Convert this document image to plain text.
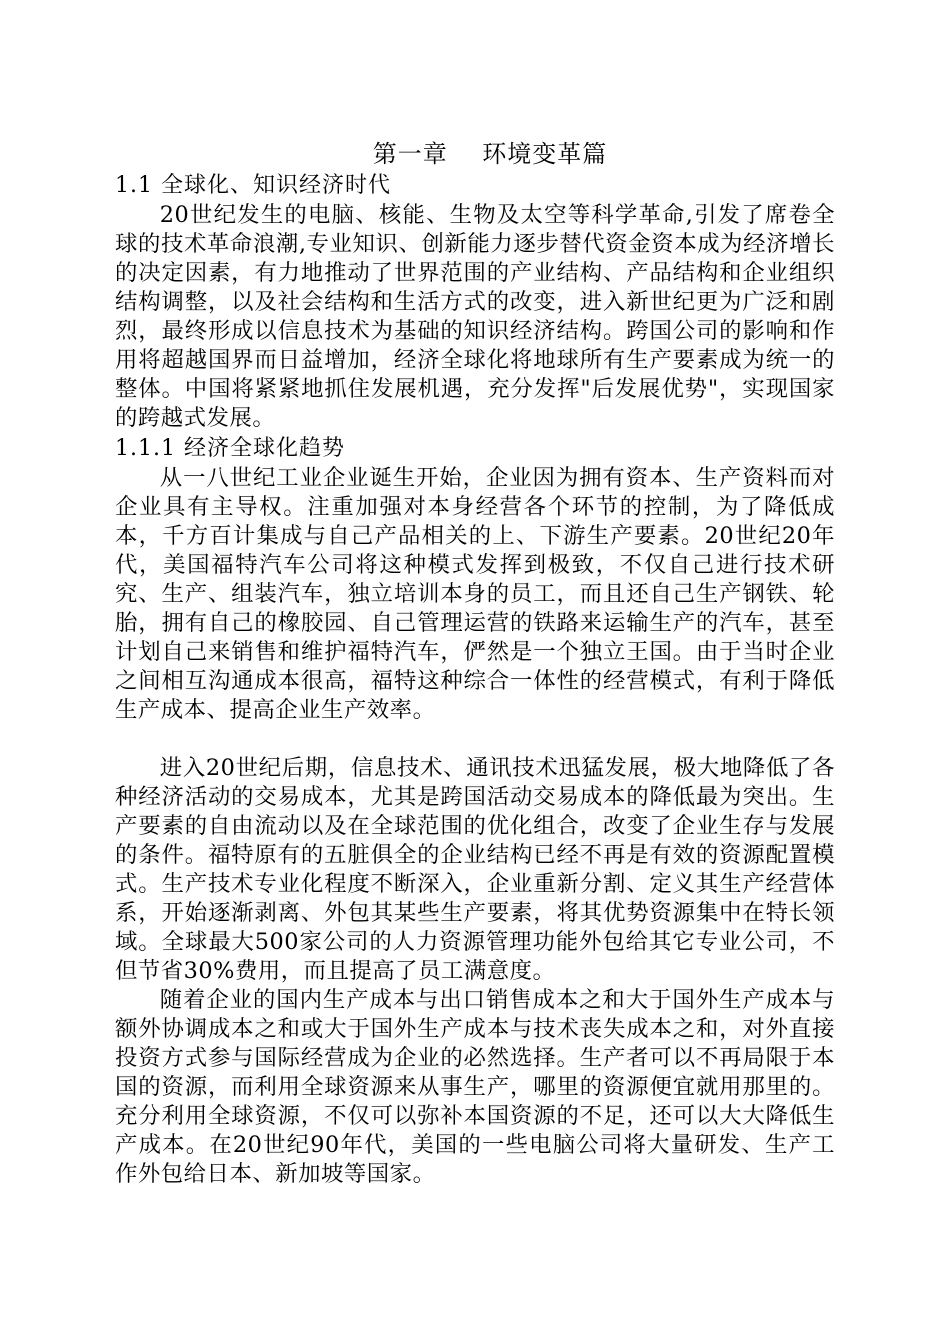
第一章    环境变革篇
1.1 全球化、知识经济时代

20世纪发生的电脑、核能、生物及太空等科学革命,引发了席卷全球的技术革命浪潮,专业知识、创新能力逐步替代资金资本成为经济增长的决定因素，有力地推动了世界范围的产业结构、产品结构和企业组织结构调整，以及社会结构和生活方式的改变，进入新世纪更为广泛和剧烈，最终形成以信息技术为基础的知识经济结构。跨国公司的影响和作用将超越国界而日益增加，经济全球化将地球所有生产要素成为统一的整体。中国将紧紧地抓住发展机遇，充分发挥"后发展优势"，实现国家的跨越式发展。

1.1.1 经济全球化趋势

从一八世纪工业企业诞生开始，企业因为拥有资本、生产资料而对企业具有主导权。注重加强对本身经营各个环节的控制，为了降低成本，千方百计集成与自己产品相关的上、下游生产要素。20世纪20年代，美国福特汽车公司将这种模式发挥到极致，不仅自己进行技术研究、生产、组装汽车，独立培训本身的员工，而且还自己生产钢铁、轮胎，拥有自己的橡胶园、自己管理运营的铁路来运输生产的汽车，甚至计划自己来销售和维护福特汽车，俨然是一个独立王国。由于当时企业之间相互沟通成本很高，福特这种综合一体性的经营模式，有利于降低生产成本、提高企业生产效率。

进入20世纪后期，信息技术、通讯技术迅猛发展，极大地降低了各种经济活动的交易成本，尤其是跨国活动交易成本的降低最为突出。生产要素的自由流动以及在全球范围的优化组合，改变了企业生存与发展的条件。福特原有的五脏俱全的企业结构已经不再是有效的资源配置模式。生产技术专业化程度不断深入，企业重新分割、定义其生产经营体系，开始逐渐剥离、外包其某些生产要素，将其优势资源集中在特长领域。全球最大500家公司的人力资源管理功能外包给其它专业公司，不但节省30%费用，而且提高了员工满意度。

随着企业的国内生产成本与出口销售成本之和大于国外生产成本与额外协调成本之和或大于国外生产成本与技术丧失成本之和，对外直接投资方式参与国际经营成为企业的必然选择。生产者可以不再局限于本国的资源，而利用全球资源来从事生产，哪里的资源便宜就用那里的。充分利用全球资源，不仅可以弥补本国资源的不足，还可以大大降低生产成本。在20世纪90年代，美国的一些电脑公司将大量研发、生产工作外包给日本、新加坡等国家。
